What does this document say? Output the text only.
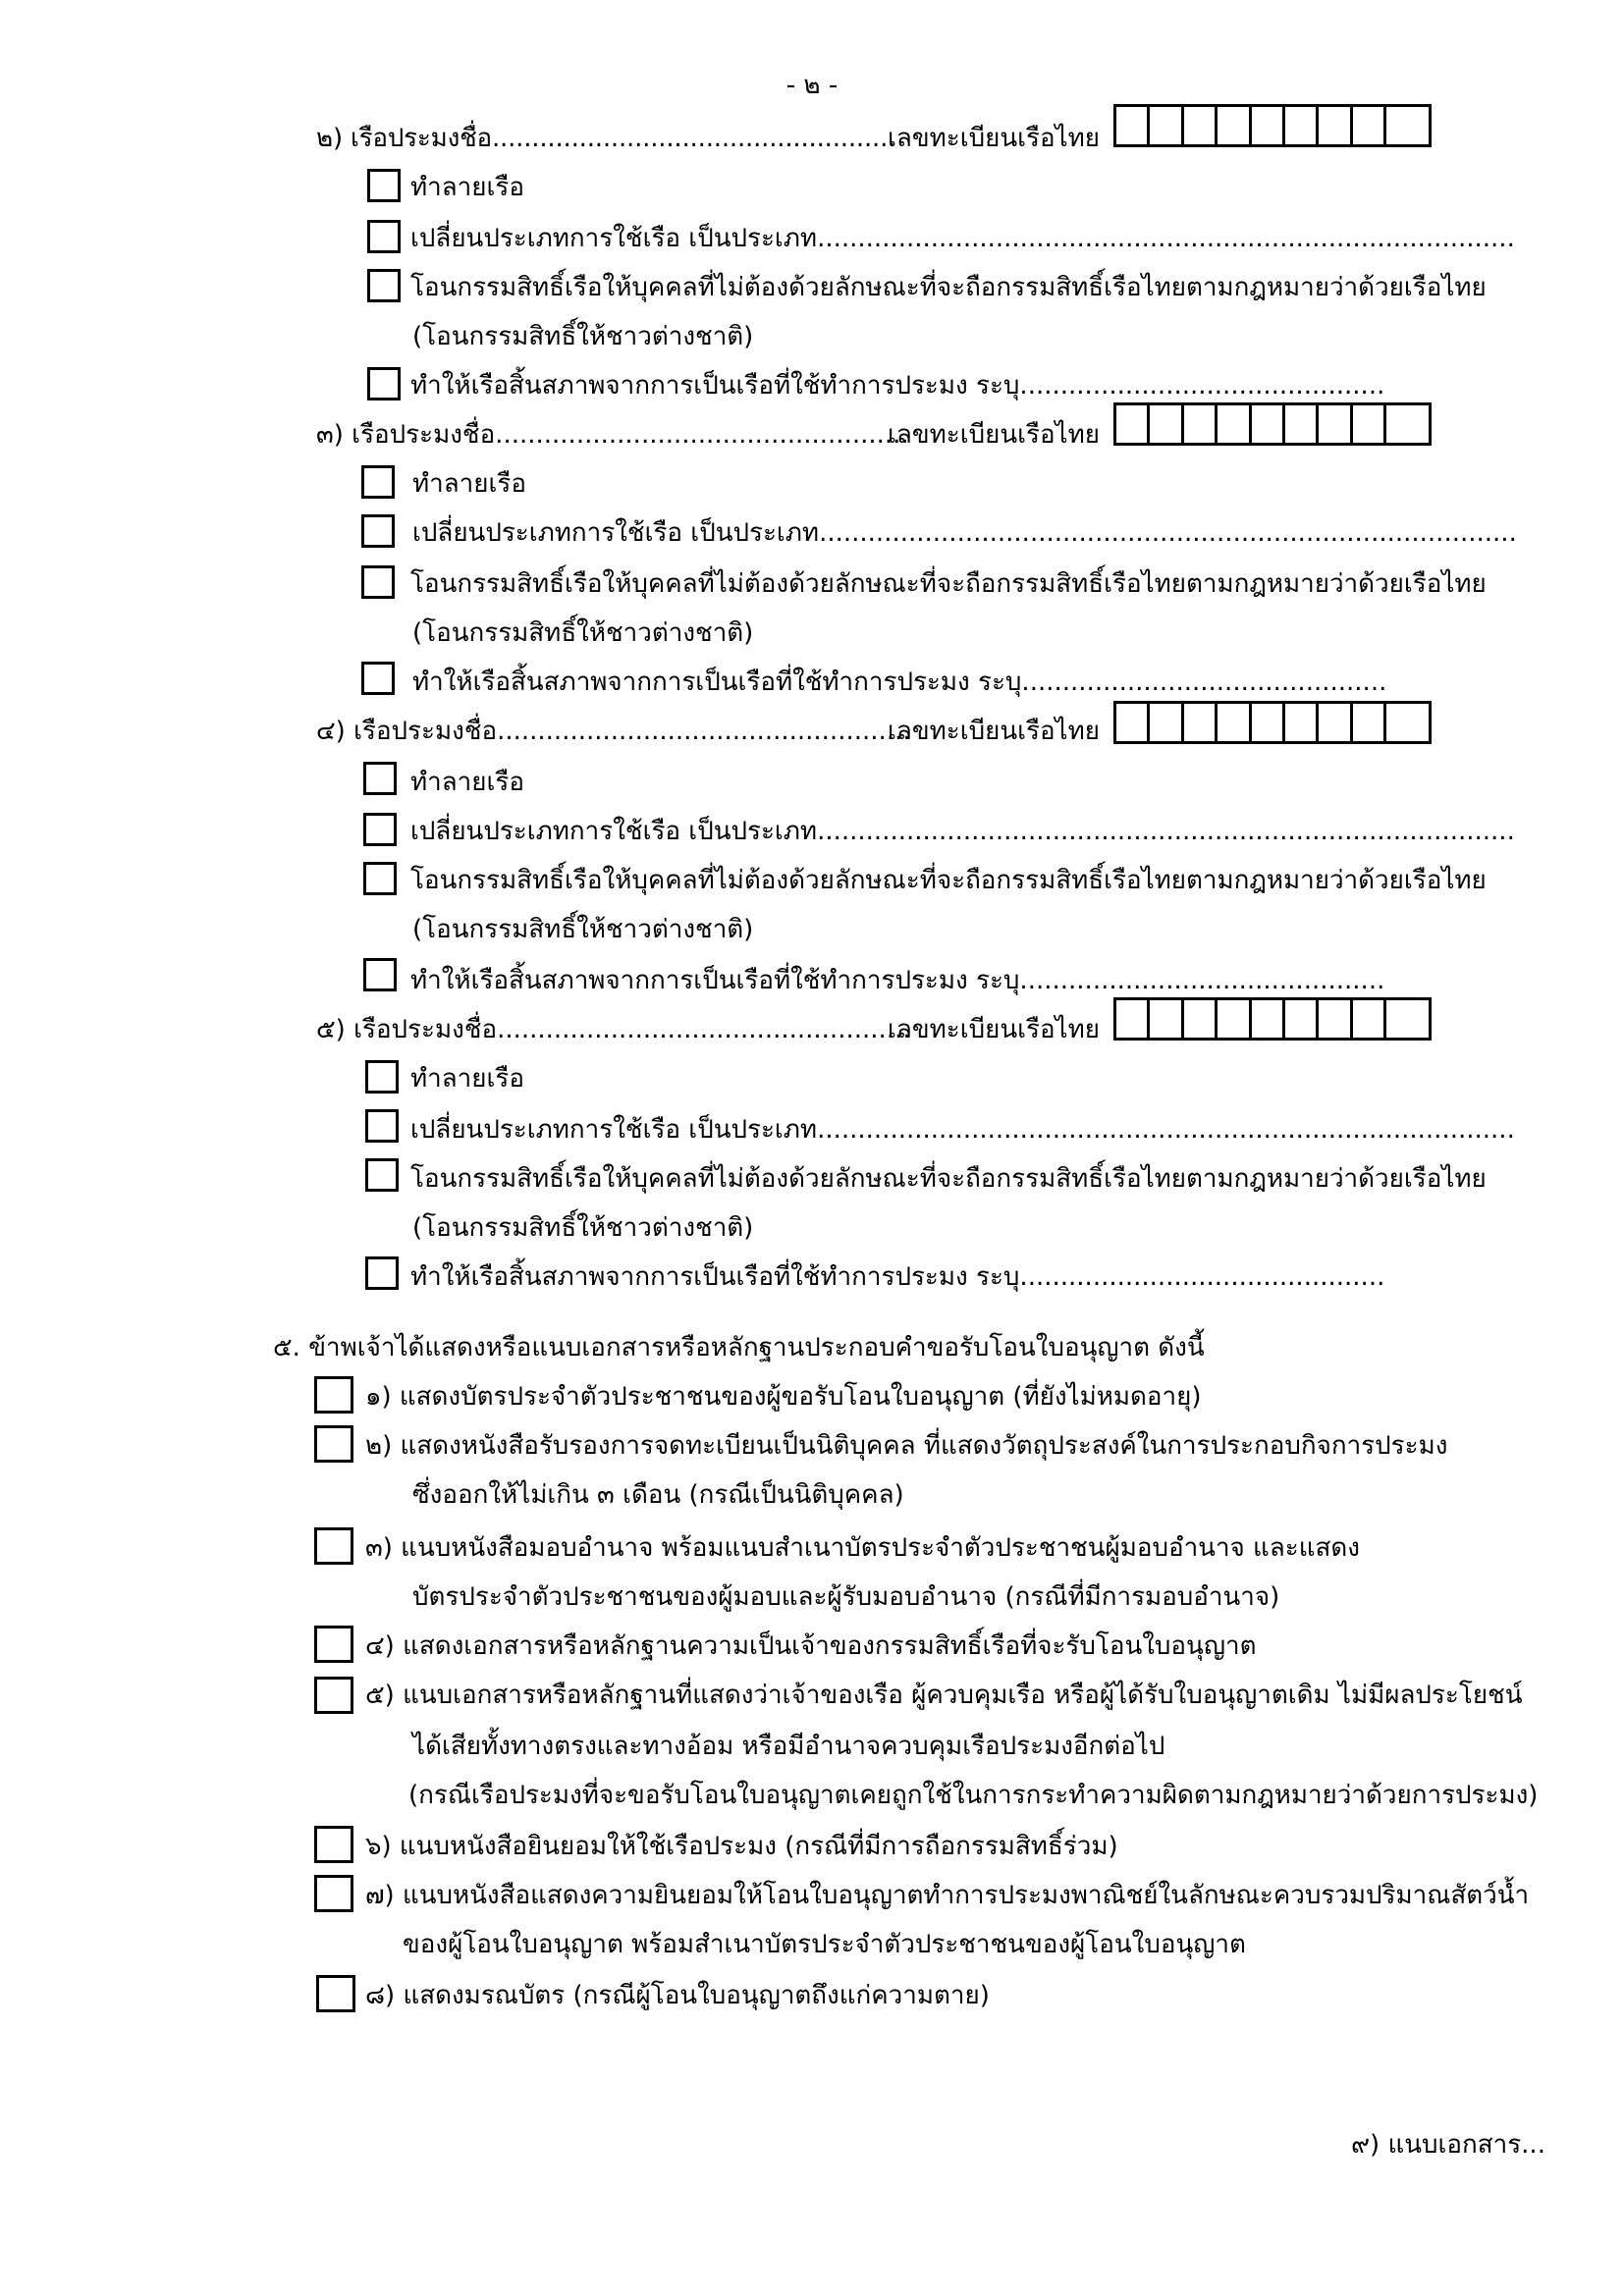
- ๒ -
๒) เรือประมงชื่อ...................................................
เลขทะเบียนเรือไทย
ทำลายเรือ
เปลี่ยนประเภทการใช้เรือ เป็นประเภท......................................................................................
โอนกรรมสิทธิ์เรือให้บุคคลที่ไม่ต้องด้วยลักษณะที่จะถือกรรมสิทธิ์เรือไทยตามกฎหมายว่าด้วยเรือไทย
(โอนกรรมสิทธิ์ให้ชาวต่างชาติ)
ทำให้เรือสิ้นสภาพจากการเป็นเรือที่ใช้ทำการประมง ระบุ.............................................
๓) เรือประมงชื่อ...................................................
เลขทะเบียนเรือไทย
ทำลายเรือ
เปลี่ยนประเภทการใช้เรือ เป็นประเภท......................................................................................
โอนกรรมสิทธิ์เรือให้บุคคลที่ไม่ต้องด้วยลักษณะที่จะถือกรรมสิทธิ์เรือไทยตามกฎหมายว่าด้วยเรือไทย
(โอนกรรมสิทธิ์ให้ชาวต่างชาติ)
ทำให้เรือสิ้นสภาพจากการเป็นเรือที่ใช้ทำการประมง ระบุ.............................................
๔) เรือประมงชื่อ...................................................
เลขทะเบียนเรือไทย
ทำลายเรือ
เปลี่ยนประเภทการใช้เรือ เป็นประเภท......................................................................................
โอนกรรมสิทธิ์เรือให้บุคคลที่ไม่ต้องด้วยลักษณะที่จะถือกรรมสิทธิ์เรือไทยตามกฎหมายว่าด้วยเรือไทย
(โอนกรรมสิทธิ์ให้ชาวต่างชาติ)
ทำให้เรือสิ้นสภาพจากการเป็นเรือที่ใช้ทำการประมง ระบุ.............................................
๕) เรือประมงชื่อ...................................................
เลขทะเบียนเรือไทย
ทำลายเรือ
เปลี่ยนประเภทการใช้เรือ เป็นประเภท......................................................................................
โอนกรรมสิทธิ์เรือให้บุคคลที่ไม่ต้องด้วยลักษณะที่จะถือกรรมสิทธิ์เรือไทยตามกฎหมายว่าด้วยเรือไทย
(โอนกรรมสิทธิ์ให้ชาวต่างชาติ)
ทำให้เรือสิ้นสภาพจากการเป็นเรือที่ใช้ทำการประมง ระบุ.............................................
๕. ข้าพเจ้าได้แสดงหรือแนบเอกสารหรือหลักฐานประกอบคำขอรับโอนใบอนุญาต ดังนี้
๑) แสดงบัตรประจำตัวประชาชนของผู้ขอรับโอนใบอนุญาต (ที่ยังไม่หมดอายุ)
๒) แสดงหนังสือรับรองการจดทะเบียนเป็นนิติบุคคล ที่แสดงวัตถุประสงค์ในการประกอบกิจการประมง
ซึ่งออกให้ไม่เกิน ๓ เดือน (กรณีเป็นนิติบุคคล)
๓) แนบหนังสือมอบอำนาจ พร้อมแนบสำเนาบัตรประจำตัวประชาชนผู้มอบอำนาจ และแสดง
บัตรประจำตัวประชาชนของผู้มอบและผู้รับมอบอำนาจ (กรณีที่มีการมอบอำนาจ)
๔) แสดงเอกสารหรือหลักฐานความเป็นเจ้าของกรรมสิทธิ์เรือที่จะรับโอนใบอนุญาต
๕) แนบเอกสารหรือหลักฐานที่แสดงว่าเจ้าของเรือ ผู้ควบคุมเรือ หรือผู้ได้รับใบอนุญาตเดิม ไม่มีผลประโยชน์
ได้เสียทั้งทางตรงและทางอ้อม หรือมีอำนาจควบคุมเรือประมงอีกต่อไป
(กรณีเรือประมงที่จะขอรับโอนใบอนุญาตเคยถูกใช้ในการกระทำความผิดตามกฎหมายว่าด้วยการประมง)
๖) แนบหนังสือยินยอมให้ใช้เรือประมง (กรณีที่มีการถือกรรมสิทธิ์ร่วม)
๗) แนบหนังสือแสดงความยินยอมให้โอนใบอนุญาตทำการประมงพาณิชย์ในลักษณะควบรวมปริมาณสัตว์น้ำ
ของผู้โอนใบอนุญาต พร้อมสำเนาบัตรประจำตัวประชาชนของผู้โอนใบอนุญาต
๘) แสดงมรณบัตร (กรณีผู้โอนใบอนุญาตถึงแก่ความตาย)
๙) แนบเอกสาร...
